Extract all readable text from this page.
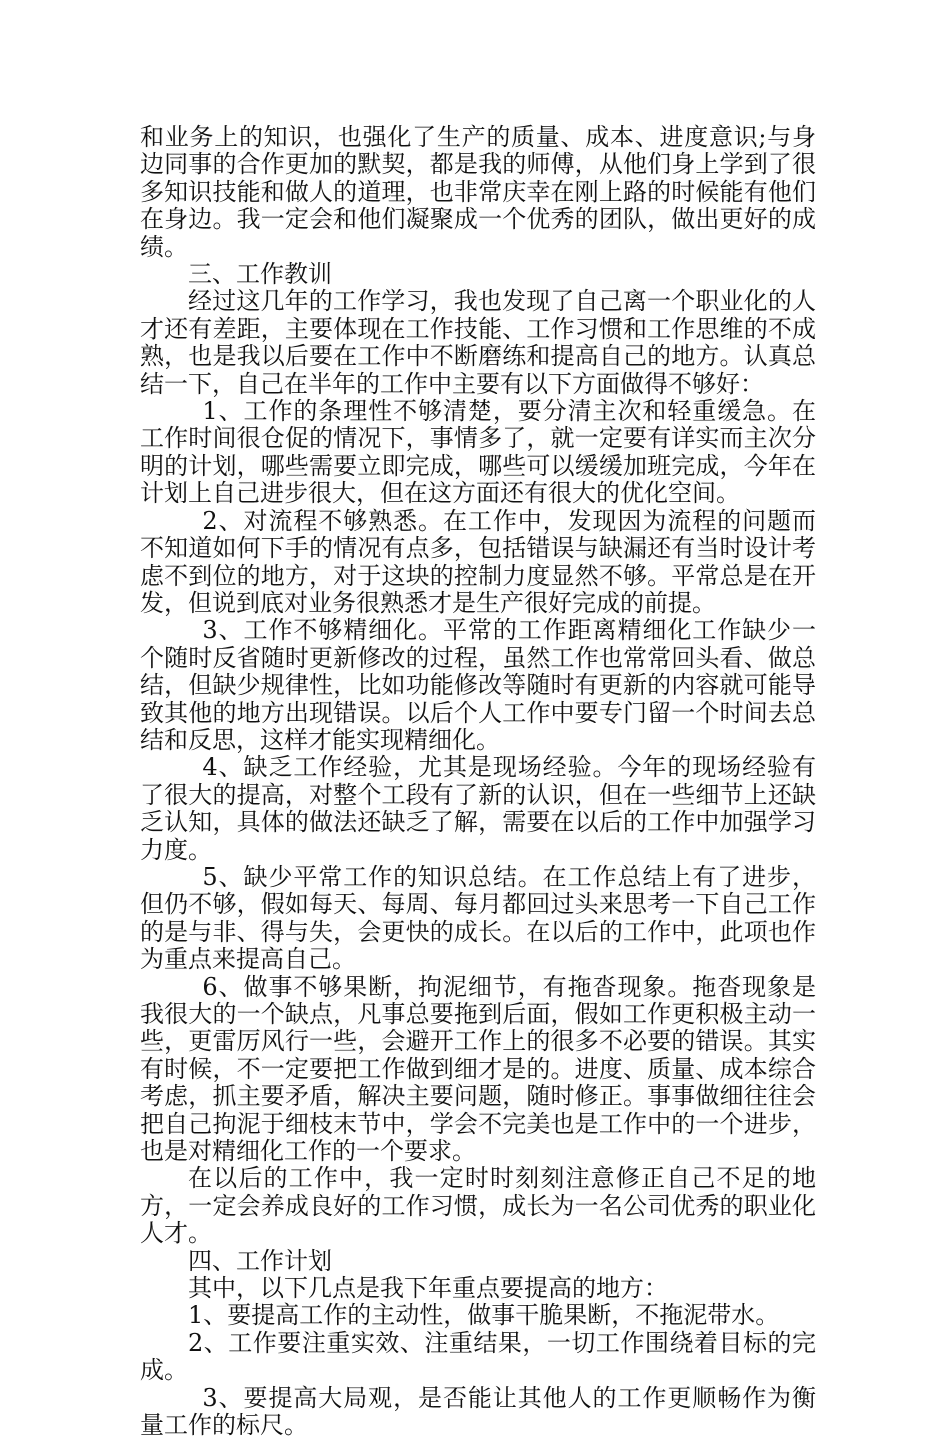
和业务上的知识，也强化了生产的质量、成本、进度意识;与身边同事的合作更加的默契，都是我的师傅，从他们身上学到了很多知识技能和做人的道理，也非常庆幸在刚上路的时候能有他们在身边。我一定会和他们凝聚成一个优秀的团队，做出更好的成绩。

三、工作教训

经过这几年的工作学习，我也发现了自己离一个职业化的人才还有差距，主要体现在工作技能、工作习惯和工作思维的不成熟，也是我以后要在工作中不断磨练和提高自己的地方。认真总结一下，自己在半年的工作中主要有以下方面做得不够好：

1、工作的条理性不够清楚，要分清主次和轻重缓急。在工作时间很仓促的情况下，事情多了，就一定要有详实而主次分明的计划，哪些需要立即完成，哪些可以缓缓加班完成，今年在计划上自己进步很大，但在这方面还有很大的优化空间。

2、对流程不够熟悉。在工作中，发现因为流程的问题而不知道如何下手的情况有点多，包括错误与缺漏还有当时设计考虑不到位的地方，对于这块的控制力度显然不够。平常总是在开发，但说到底对业务很熟悉才是生产很好完成的前提。

3、工作不够精细化。平常的工作距离精细化工作缺少一个随时反省随时更新修改的过程，虽然工作也常常回头看、做总结，但缺少规律性，比如功能修改等随时有更新的内容就可能导致其他的地方出现错误。以后个人工作中要专门留一个时间去总结和反思，这样才能实现精细化。

4、缺乏工作经验，尤其是现场经验。今年的现场经验有了很大的提高，对整个工段有了新的认识，但在一些细节上还缺乏认知，具体的做法还缺乏了解，需要在以后的工作中加强学习力度。

5、缺少平常工作的知识总结。在工作总结上有了进步，但仍不够，假如每天、每周、每月都回过头来思考一下自己工作的是与非、得与失，会更快的成长。在以后的工作中，此项也作为重点来提高自己。

6、做事不够果断，拘泥细节，有拖沓现象。拖沓现象是我很大的一个缺点，凡事总要拖到后面，假如工作更积极主动一些，更雷厉风行一些，会避开工作上的很多不必要的错误。其实有时候，不一定要把工作做到细才是的。进度、质量、成本综合考虑，抓主要矛盾，解决主要问题，随时修正。事事做细往往会把自己拘泥于细枝末节中，学会不完美也是工作中的一个进步，也是对精细化工作的一个要求。

在以后的工作中，我一定时时刻刻注意修正自己不足的地方，一定会养成良好的工作习惯，成长为一名公司优秀的职业化人才。

四、工作计划

其中，以下几点是我下年重点要提高的地方：

1、要提高工作的主动性，做事干脆果断，不拖泥带水。

2、工作要注重实效、注重结果，一切工作围绕着目标的完成。

3、要提高大局观，是否能让其他人的工作更顺畅作为衡量工作的标尺。
